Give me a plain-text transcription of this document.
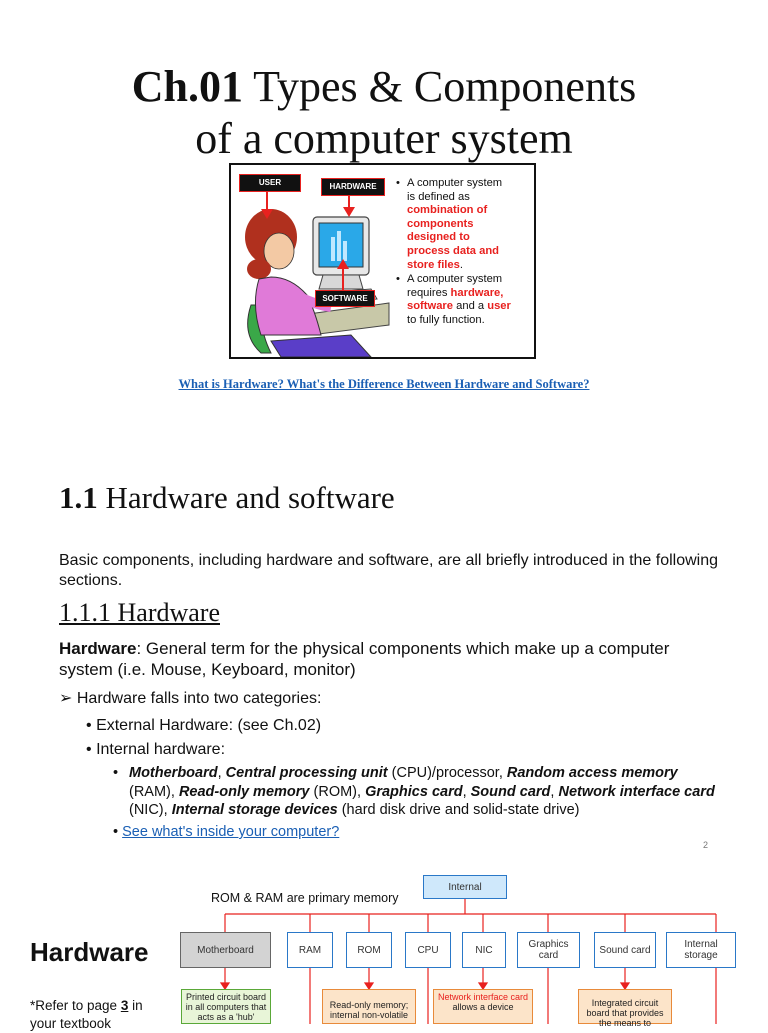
Ch.01 Types & Components
of a computer system
USER	HARDWARE
SOFTWARE
• A computer system
is defined as
combination of
components
designed to
process data and
store files.
• A computer system
requires hardware,
software and a user
to fully function.
What is Hardware? What's the Difference Between Hardware and Software?
1.1 Hardware and software
Basic components, including hardware and software, are all briefly introduced in the following sections.
1.1.1 Hardware
Hardware: General term for the physical components which make up a computer system (i.e. Mouse, Keyboard, monitor)
➢ Hardware falls into two categories:
• External Hardware: (see Ch.02)
• Internal hardware:
• Motherboard, Central processing unit (CPU)/processor, Random access memory (RAM), Read-only memory (ROM), Graphics card, Sound card, Network interface card (NIC), Internal storage devices (hard disk drive and solid-state drive)
• See what's inside your computer?
2
Hardware
*Refer to page 3 in
your textbook
ROM & RAM are primary memory
Internal
Motherboard	RAM	ROM	CPU	NIC	Graphics card	Sound card	Internal storage
Printed circuit board in all computers that acts as a 'hub'
Read-only memory; internal non-volatile
Network interface card
allows a device	Integrated circuit board that provides the means to
